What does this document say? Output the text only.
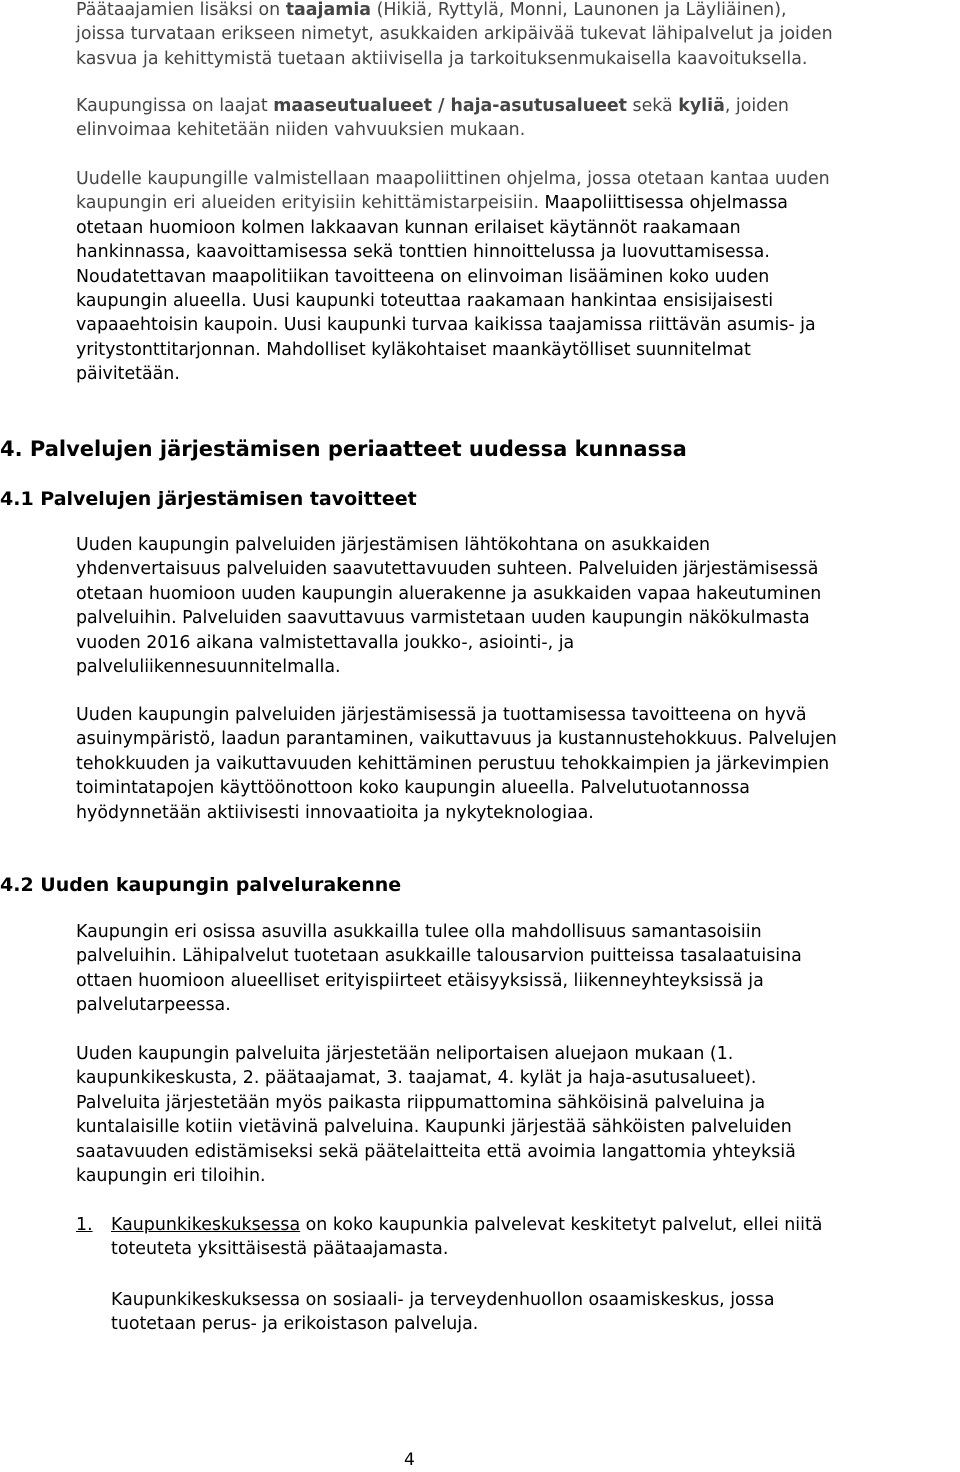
Päätaajamien lisäksi on taajamia (Hikiä, Ryttylä, Monni, Launonen ja Läyliäinen),

joissa turvataan erikseen nimetyt, asukkaiden arkipäivää tukevat lähipalvelut ja joiden

kasvua ja kehittymistä tuetaan aktiivisella ja tarkoituksenmukaisella kaavoituksella.

Kaupungissa on laajat maaseutualueet / haja-asutusalueet sekä kyliä, joiden

elinvoimaa kehitetään niiden vahvuuksien mukaan.

Uudelle kaupungille valmistellaan maapoliittinen ohjelma, jossa otetaan kantaa uuden

kaupungin eri alueiden erityisiin kehittämistarpeisiin. Maapoliittisessa ohjelmassa

otetaan huomioon kolmen lakkaavan kunnan erilaiset käytännöt raakamaan

hankinnassa, kaavoittamisessa sekä tonttien hinnoittelussa ja luovuttamisessa.

Noudatettavan maapolitiikan tavoitteena on elinvoiman lisääminen koko uuden

kaupungin alueella. Uusi kaupunki toteuttaa raakamaan hankintaa ensisijaisesti

vapaaehtoisin kaupoin. Uusi kaupunki turvaa kaikissa taajamissa riittävän asumis- ja

yritystonttitarjonnan. Mahdolliset kyläkohtaiset maankäytölliset suunnitelmat

päivitetään.

4. Palvelujen järjestämisen periaatteet uudessa kunnassa
4.1 Palvelujen järjestämisen tavoitteet

Uuden kaupungin palveluiden järjestämisen lähtökohtana on asukkaiden

yhdenvertaisuus palveluiden saavutettavuuden suhteen. Palveluiden järjestämisessä

otetaan huomioon uuden kaupungin aluerakenne ja asukkaiden vapaa hakeutuminen

palveluihin. Palveluiden saavuttavuus varmistetaan uuden kaupungin näkökulmasta

vuoden 2016 aikana valmistettavalla joukko-, asiointi-, ja

palveluliikennesuunnitelmalla.

Uuden kaupungin palveluiden järjestämisessä ja tuottamisessa tavoitteena on hyvä

asuinympäristö, laadun parantaminen, vaikuttavuus ja kustannustehokkuus. Palvelujen

tehokkuuden ja vaikuttavuuden kehittäminen perustuu tehokkaimpien ja järkevimpien

toimintatapojen käyttöönottoon koko kaupungin alueella. Palvelutuotannossa

hyödynnetään aktiivisesti innovaatioita ja nykyteknologiaa.

4.2 Uuden kaupungin palvelurakenne

Kaupungin eri osissa asuvilla asukkailla tulee olla mahdollisuus samantasoisiin

palveluihin. Lähipalvelut tuotetaan asukkaille talousarvion puitteissa tasalaatuisina

ottaen huomioon alueelliset erityispiirteet etäisyyksissä, liikenneyhteyksissä ja

palvelutarpeessa.

Uuden kaupungin palveluita järjestetään neliportaisen aluejaon mukaan (1.

kaupunkikeskusta, 2. päätaajamat, 3. taajamat, 4. kylät ja haja-asutusalueet).

Palveluita järjestetään myös paikasta riippumattomina sähköisinä palveluina ja

kuntalaisille kotiin vietävinä palveluina. Kaupunki järjestää sähköisten palveluiden

saatavuuden edistämiseksi sekä päätelaitteita että avoimia langattomia yhteyksiä

kaupungin eri tiloihin.

1. Kaupunkikeskuksessa on koko kaupunkia palvelevat keskitetyt palvelut, ellei niitä

toteuteta yksittäisestä päätaajamasta.

Kaupunkikeskuksessa on sosiaali- ja terveydenhuollon osaamiskeskus, jossa

tuotetaan perus- ja erikoistason palveluja.

4
